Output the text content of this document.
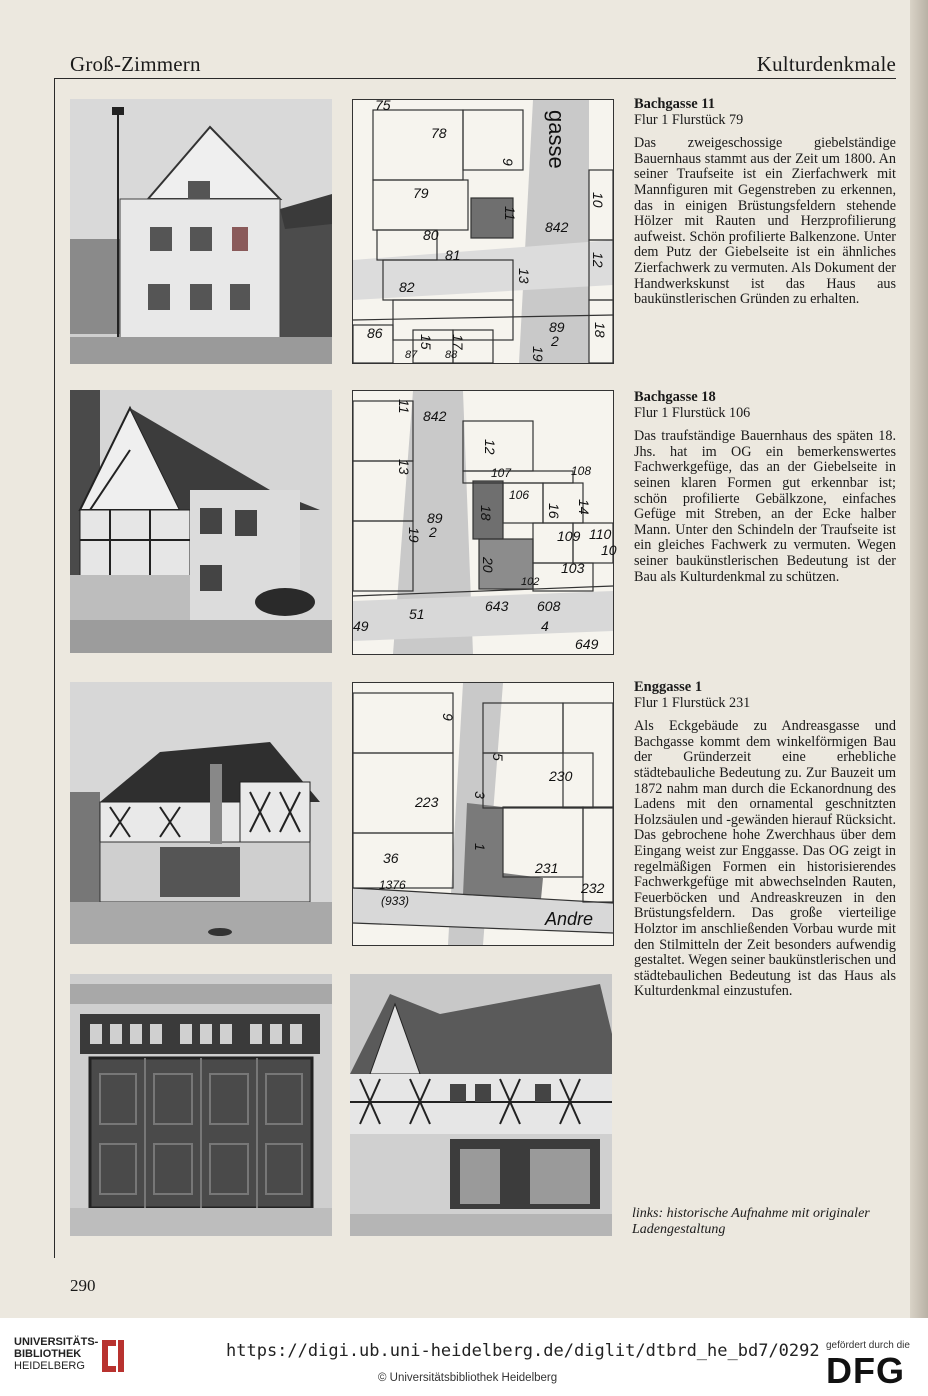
Groß-Zimmern	Kulturdenkmale
75
78
9 gasse
10
79
11
842
80
81	12
13
82
86
15
87
17
88
89
2
19
18
Bachgasse 11
Flur 1 Flurstück 79

Das zweigeschossige giebelständige Bauernhaus stammt aus der Zeit um 1800. An seiner Traufseite ist ein Zierfachwerk mit Mannfiguren mit Gegenstreben zu erkennen, das in einigen Brüstungsfeldern stehende Hölzer mit Rauten und Herzprofilierung aufweist. Schön profilierte Balkenzone. Unter dem Putz der Giebelseite ist ein ähnliches Zierfachwerk zu vermuten. Als Dokument der Handwerkskunst ist das Haus aus baukünstlerischen Gründen zu erhalten.

11
842
12
13	107	108
106
14
18	16
89
2
19	109 110
20	103
10
102
643 608
4
49
51
649
Bachgasse 18
Flur 1 Flurstück 106

Das traufständige Bauernhaus des späten 18. Jhs. hat im OG ein bemerkenswertes Fachwerkgefüge, das an der Giebelseite in seinen klaren Formen gut erkennbar ist; schön profilierte Gebälkzone, einfaches Gefüge mit Streben, an der Ecke halber Mann. Unter den Schindeln der Traufseite ist ein gleiches Fachwerk zu vermuten. Wegen seiner baukünstlerischen Bedeutung ist der Bau als Kulturdenkmal zu schützen.

9
5
230
223 3
1
231
36
1376
(933)
232
Andre
Enggasse 1
Flur 1 Flurstück 231

Als Eckgebäude zu Andreasgasse und Bachgasse kommt dem winkelförmigen Bau der Gründerzeit eine erhebliche städtebauliche Bedeutung zu. Zur Bauzeit um 1872 nahm man durch die Eckanordnung des Ladens mit den ornamental geschnitzten Holzsäulen und -gewänden hierauf Rücksicht. Das gebrochene hohe Zwerchhaus über dem Eingang weist zur Enggasse. Das OG zeigt in regelmäßigen Formen ein historisierendes Fachwerkgefüge mit abwechselnden Rauten, Feuerböcken und Andreaskreuzen in den Brüstungsfeldern. Das große vierteilige Holztor im anschließenden Vorbau wurde mit den Stilmitteln der Zeit besonders aufwendig gestaltet. Wegen seiner baukünstlerischen und städtebaulichen Bedeutung ist das Haus als Kulturdenkmal einzustufen.

links: historische Aufnahme mit originaler Ladengestaltung
290
UNIVERSITÄTS-
BIBLIOTHEK
HEIDELBERG
https://digi.ub.uni-heidelberg.de/diglit/dtbrd_he_bd7/0292
© Universitätsbibliothek Heidelberg
gefördert durch die
DFG
